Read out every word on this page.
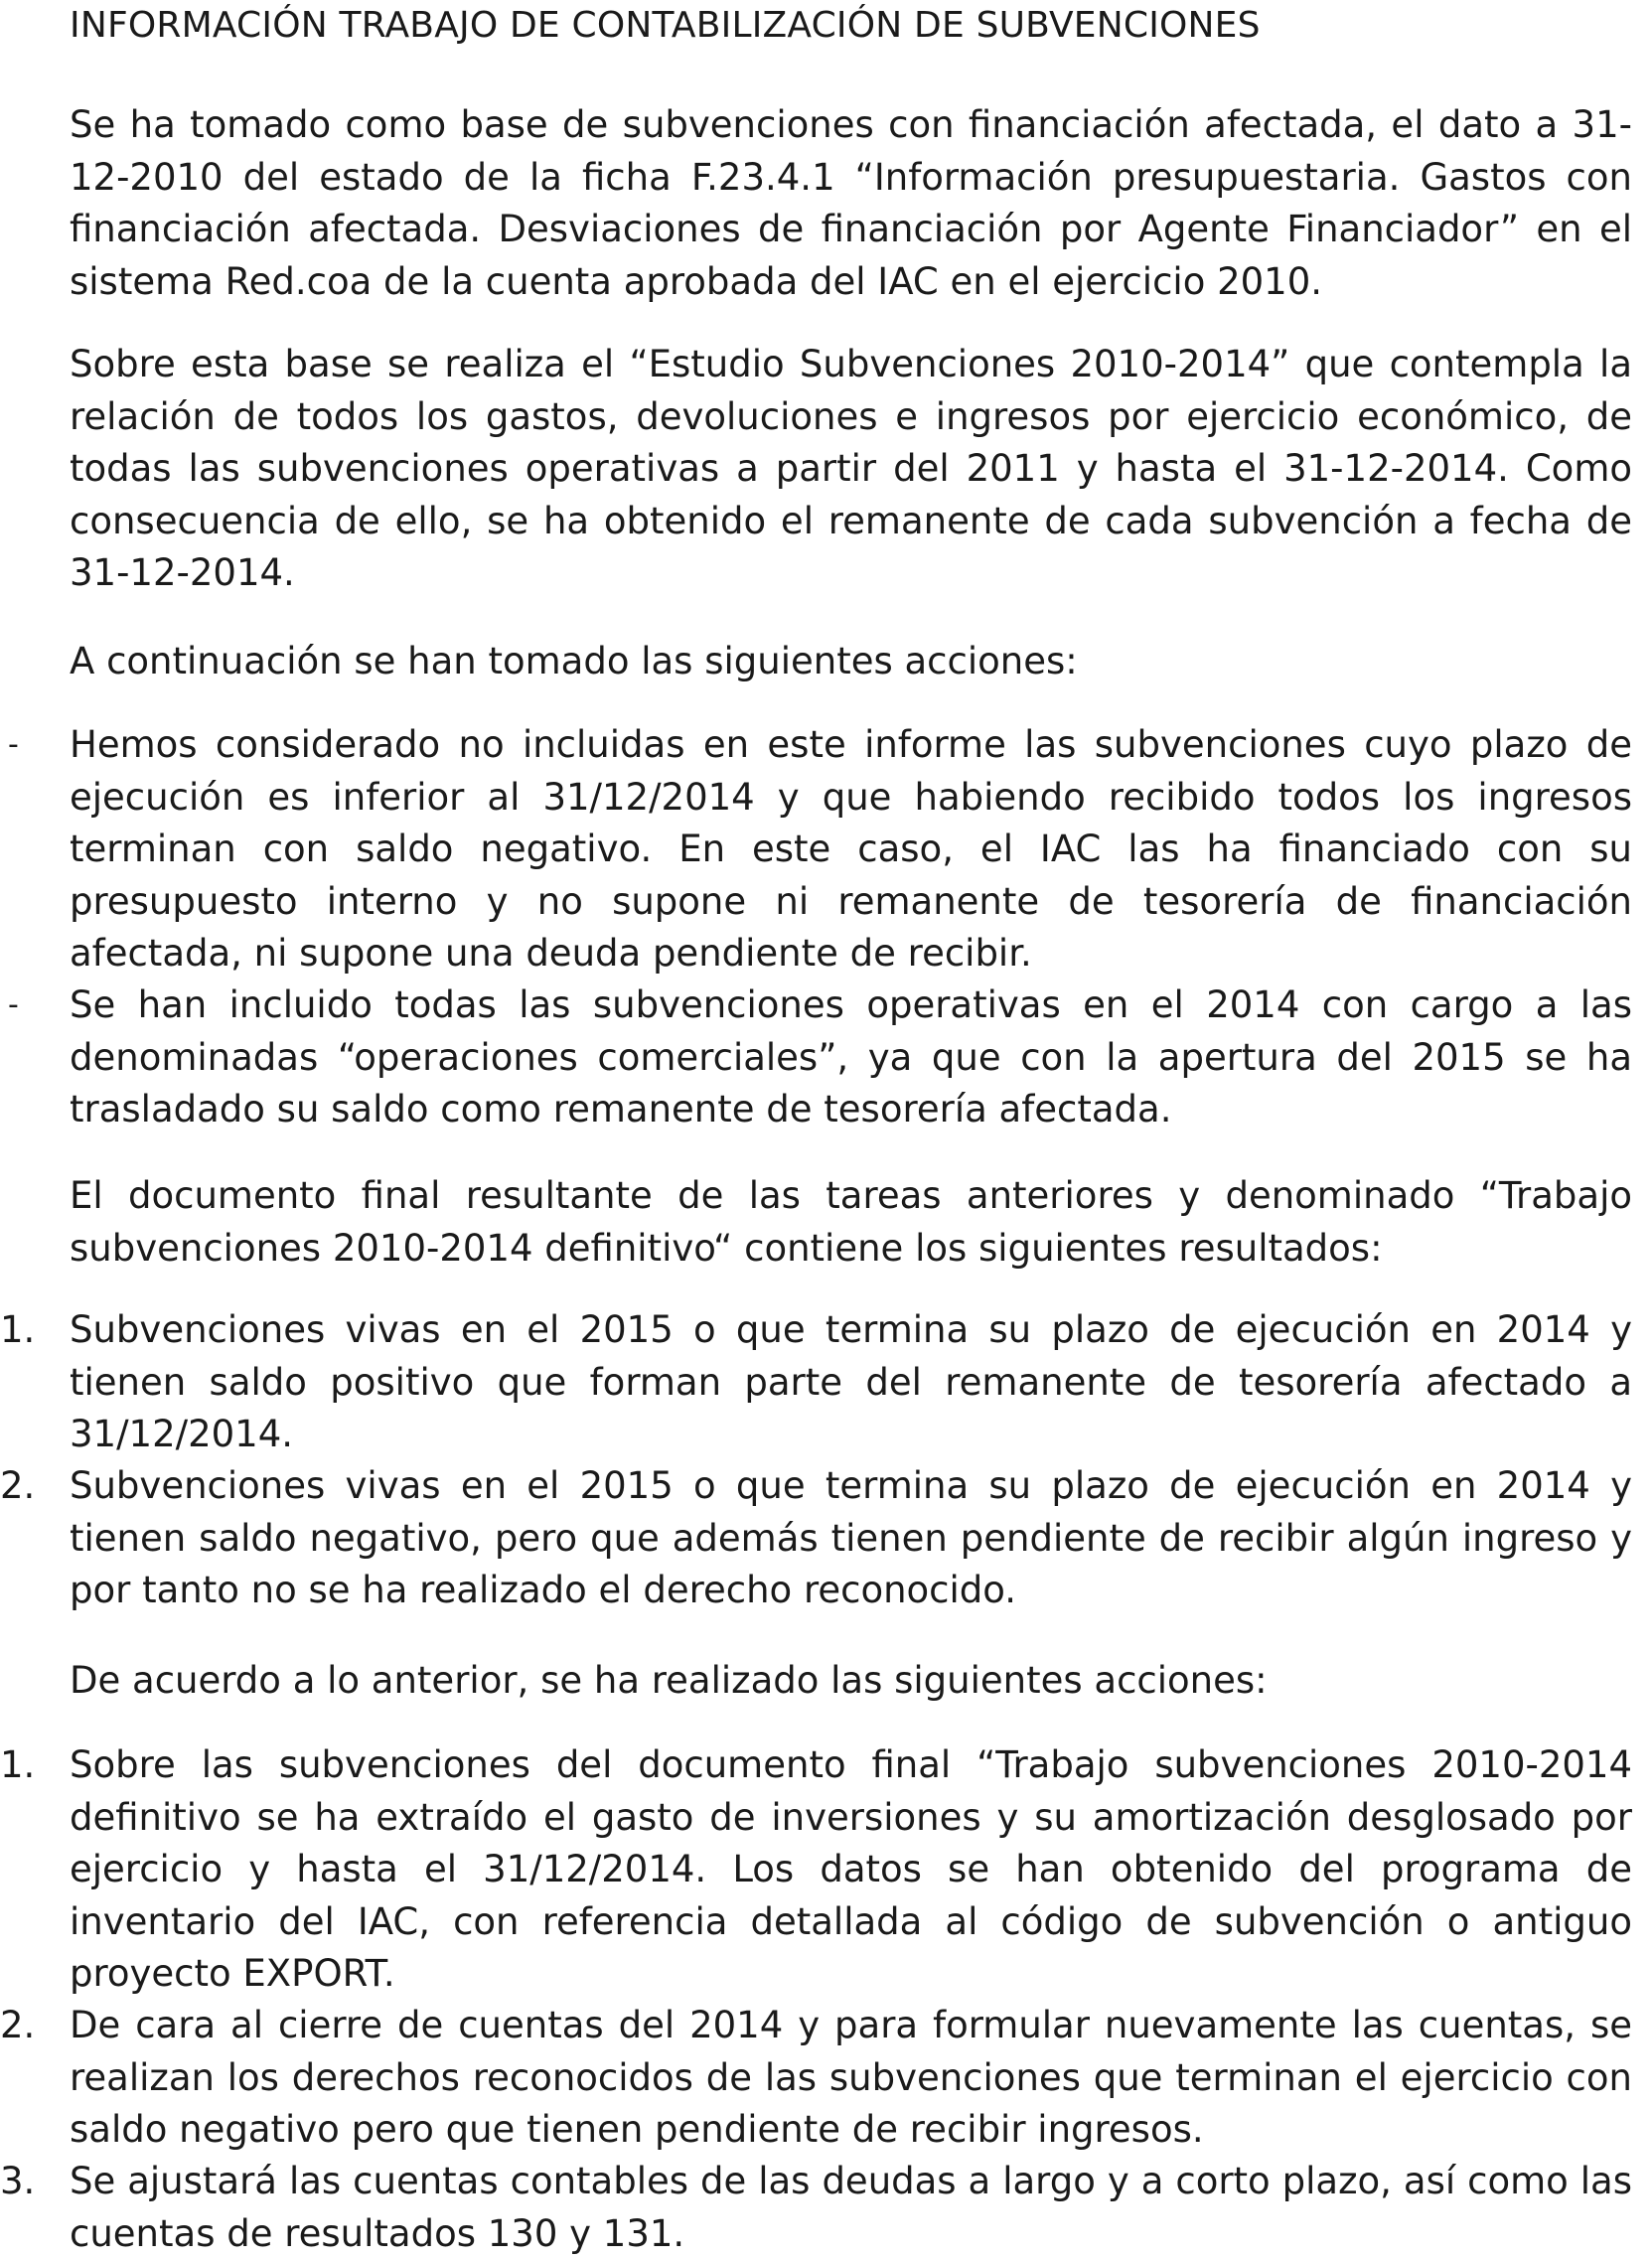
INFORMACIÓN TRABAJO DE CONTABILIZACIÓN DE SUBVENCIONES
Se ha tomado como base de subvenciones con financiación afectada, el dato a 31-12-2010 del estado de la ficha F.23.4.1 “Información presupuestaria. Gastos con financiación afectada. Desviaciones de financiación por Agente Financiador” en el sistema Red.coa de la cuenta aprobada del IAC en el ejercicio 2010.
Sobre esta base se realiza el “Estudio Subvenciones 2010-2014” que contempla la relación de todos los gastos, devoluciones e ingresos por ejercicio económico, de todas las subvenciones operativas a partir del 2011 y hasta el 31-12-2014. Como consecuencia de ello, se ha obtenido el remanente de cada subvención a fecha de 31-12-2014.
A continuación se han tomado las siguientes acciones:
-	Hemos considerado no incluidas en este informe las subvenciones cuyo plazo de ejecución es inferior al 31/12/2014 y que habiendo recibido todos los ingresos terminan con saldo negativo. En este caso, el IAC las ha financiado con su presupuesto interno y no supone ni remanente de tesorería de financiación afectada, ni supone una deuda pendiente de recibir.
-	Se han incluido todas las subvenciones operativas en el 2014 con cargo a las denominadas “operaciones comerciales”, ya que con la apertura del 2015 se ha trasladado su saldo como remanente de tesorería afectada.
El documento final resultante de las tareas anteriores y denominado “Trabajo subvenciones 2010-2014 definitivo“ contiene los siguientes resultados:
1. Subvenciones vivas en el 2015 o que termina su plazo de ejecución en 2014 y tienen saldo positivo que forman parte del remanente de tesorería afectado a 31/12/2014.
2. Subvenciones vivas en el 2015 o que termina su plazo de ejecución en 2014 y tienen saldo negativo, pero que además tienen pendiente de recibir algún ingreso y por tanto no se ha realizado el derecho reconocido.
De acuerdo a lo anterior, se ha realizado las siguientes acciones:
1. Sobre las subvenciones del documento final “Trabajo subvenciones 2010-2014 definitivo se ha extraído el gasto de inversiones y su amortización desglosado por ejercicio y hasta el 31/12/2014. Los datos se han obtenido del programa de inventario del IAC, con referencia detallada al código de subvención o antiguo proyecto EXPORT.
2. De cara al cierre de cuentas del 2014 y para formular nuevamente las cuentas, se realizan los derechos reconocidos de las subvenciones que terminan el ejercicio con saldo negativo pero que tienen pendiente de recibir ingresos.
3. Se ajustará las cuentas contables de las deudas a largo y a corto plazo, así como las cuentas de resultados 130 y 131.
